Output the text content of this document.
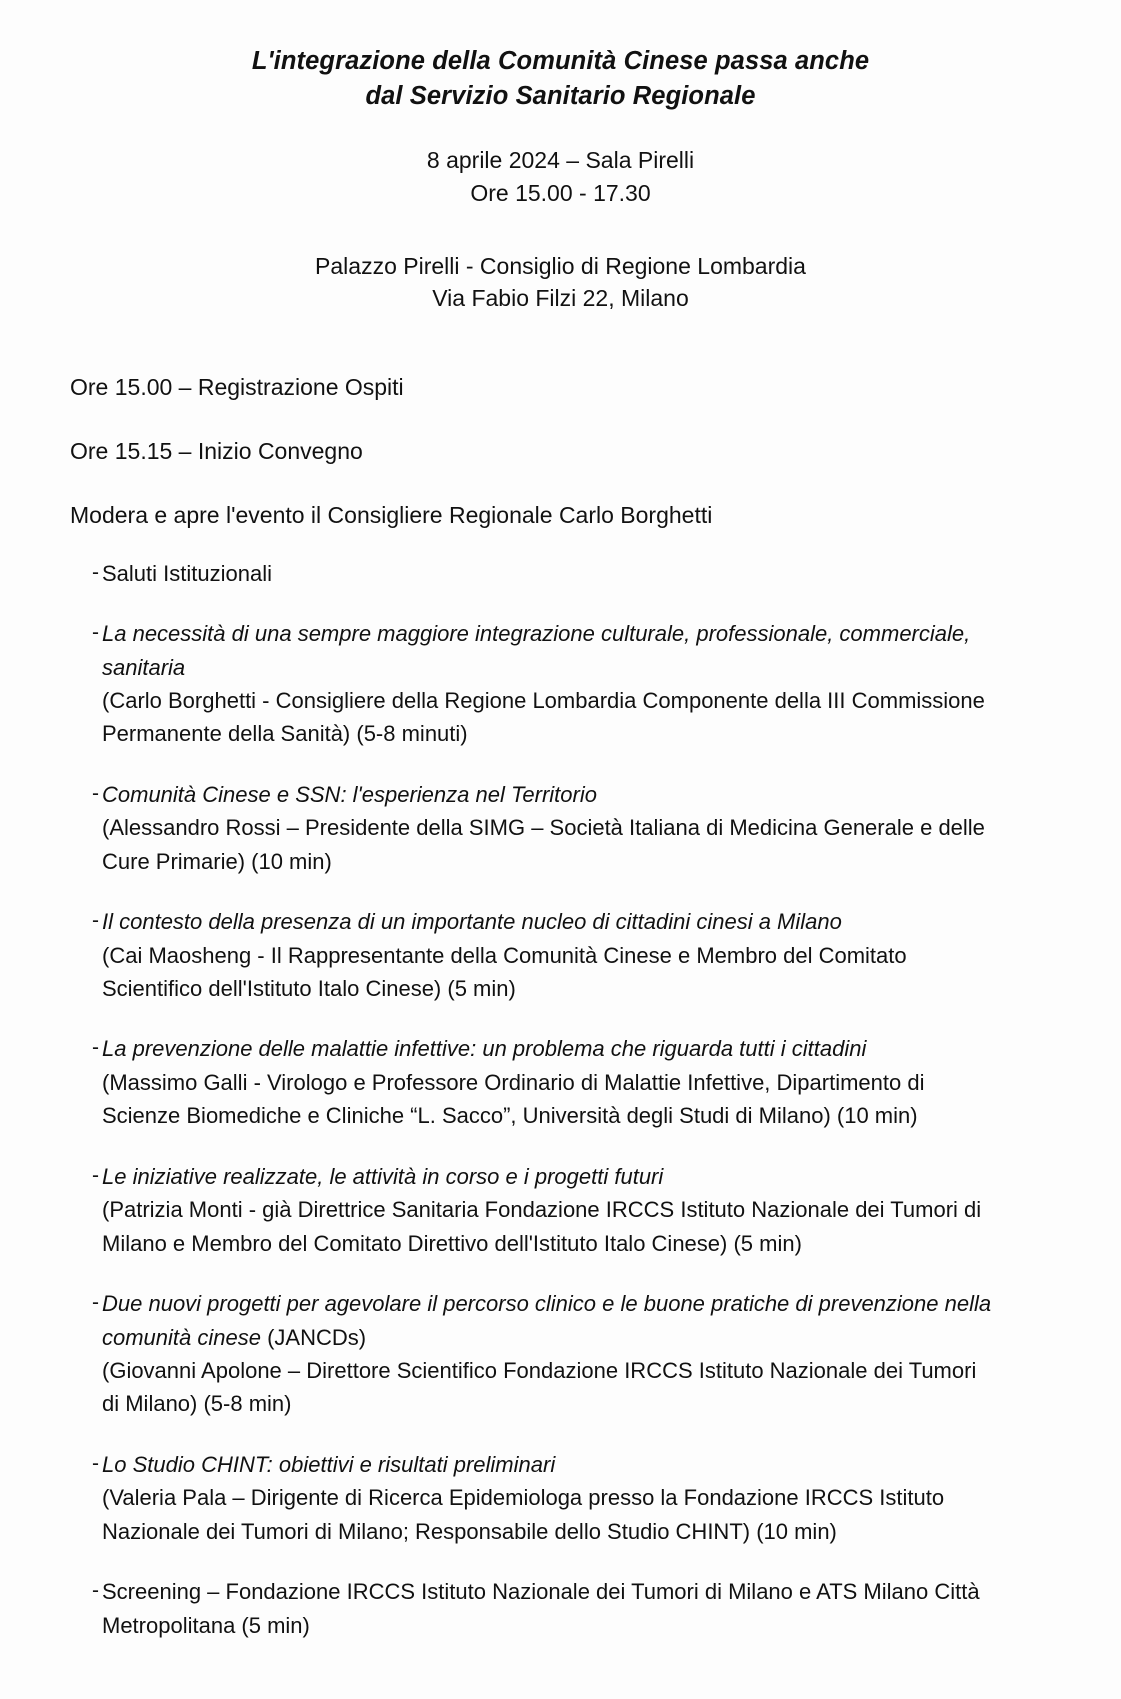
L'integrazione della Comunità Cinese passa anche
dal Servizio Sanitario Regionale
8 aprile 2024 – Sala Pirelli
Ore 15.00 - 17.30
Palazzo Pirelli - Consiglio di Regione Lombardia
Via Fabio Filzi 22, Milano
Ore 15.00 – Registrazione Ospiti
Ore 15.15 – Inizio Convegno
Modera e apre l'evento il Consigliere Regionale Carlo Borghetti
- Saluti Istituzionali

- La necessità di una sempre maggiore integrazione culturale, professionale, commerciale, sanitaria

(Carlo Borghetti - Consigliere della Regione Lombardia Componente della III Commissione Permanente della Sanità) (5-8 minuti)

- Comunità Cinese e SSN: l'esperienza nel Territorio

(Alessandro Rossi – Presidente della SIMG – Società Italiana di Medicina Generale e delle Cure Primarie) (10 min)

- Il contesto della presenza di un importante nucleo di cittadini cinesi a Milano

(Cai Maosheng - Il Rappresentante della Comunità Cinese e Membro del Comitato Scientifico dell'Istituto Italo Cinese) (5 min)

- La prevenzione delle malattie infettive: un problema che riguarda tutti i cittadini

(Massimo Galli - Virologo e Professore Ordinario di Malattie Infettive, Dipartimento di Scienze Biomediche e Cliniche “L. Sacco”, Università degli Studi di Milano) (10 min)

- Le iniziative realizzate, le attività in corso e i progetti futuri

(Patrizia Monti - già Direttrice Sanitaria Fondazione IRCCS Istituto Nazionale dei Tumori di Milano e Membro del Comitato Direttivo dell'Istituto Italo Cinese) (5 min)

- Due nuovi progetti per agevolare il percorso clinico e le buone pratiche di prevenzione nella comunità cinese (JANCDs)

(Giovanni Apolone – Direttore Scientifico Fondazione IRCCS Istituto Nazionale dei Tumori di Milano) (5-8 min)

- Lo Studio CHINT: obiettivi e risultati preliminari

(Valeria Pala – Dirigente di Ricerca Epidemiologa presso la Fondazione IRCCS Istituto Nazionale dei Tumori di Milano; Responsabile dello Studio CHINT) (10 min)

- Screening – Fondazione IRCCS Istituto Nazionale dei Tumori di Milano e ATS Milano Città Metropolitana (5 min)
